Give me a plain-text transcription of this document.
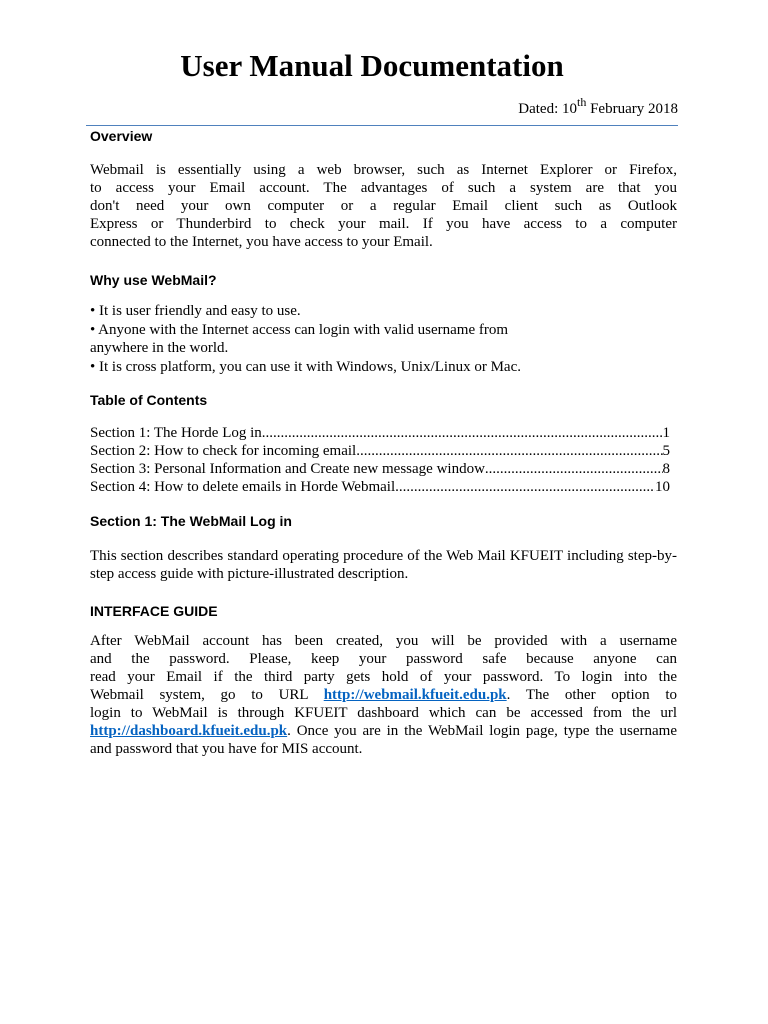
User Manual Documentation
Dated: 10th February 2018
Overview
Webmail is essentially using a web browser, such as Internet Explorer or Firefox,
to access your Email account. The advantages of such a system are that you
don't need your own computer or a regular Email client such as Outlook
Express or Thunderbird to check your mail. If you have access to a computer
connected to the Internet, you have access to your Email.
Why use WebMail?
• It is user friendly and easy to use.
• Anyone with the Internet access can login with valid username from
anywhere in the world.
• It is cross platform, you can use it with Windows, Unix/Linux or Mac.
Table of Contents
Section 1: The Horde Log in .....	1
Section 2: How to check for incoming email .....	5
Section 3: Personal Information and Create new message window .....	8
Section 4: How to delete emails in Horde Webmail .....	10
Section 1: The WebMail Log in
This section describes standard operating procedure of the Web Mail KFUEIT including step-by-
step access guide with picture-illustrated description.
INTERFACE GUIDE
After WebMail account has been created, you will be provided with a username
and the password. Please, keep your password safe because anyone can
read your Email if the third party gets hold of your password. To login into the
Webmail system, go to URL http://webmail.kfueit.edu.pk. The other option to
login to WebMail is through KFUEIT dashboard which can be accessed from the url
http://dashboard.kfueit.edu.pk. Once you are in the WebMail login page, type the username
and password that you have for MIS account.
